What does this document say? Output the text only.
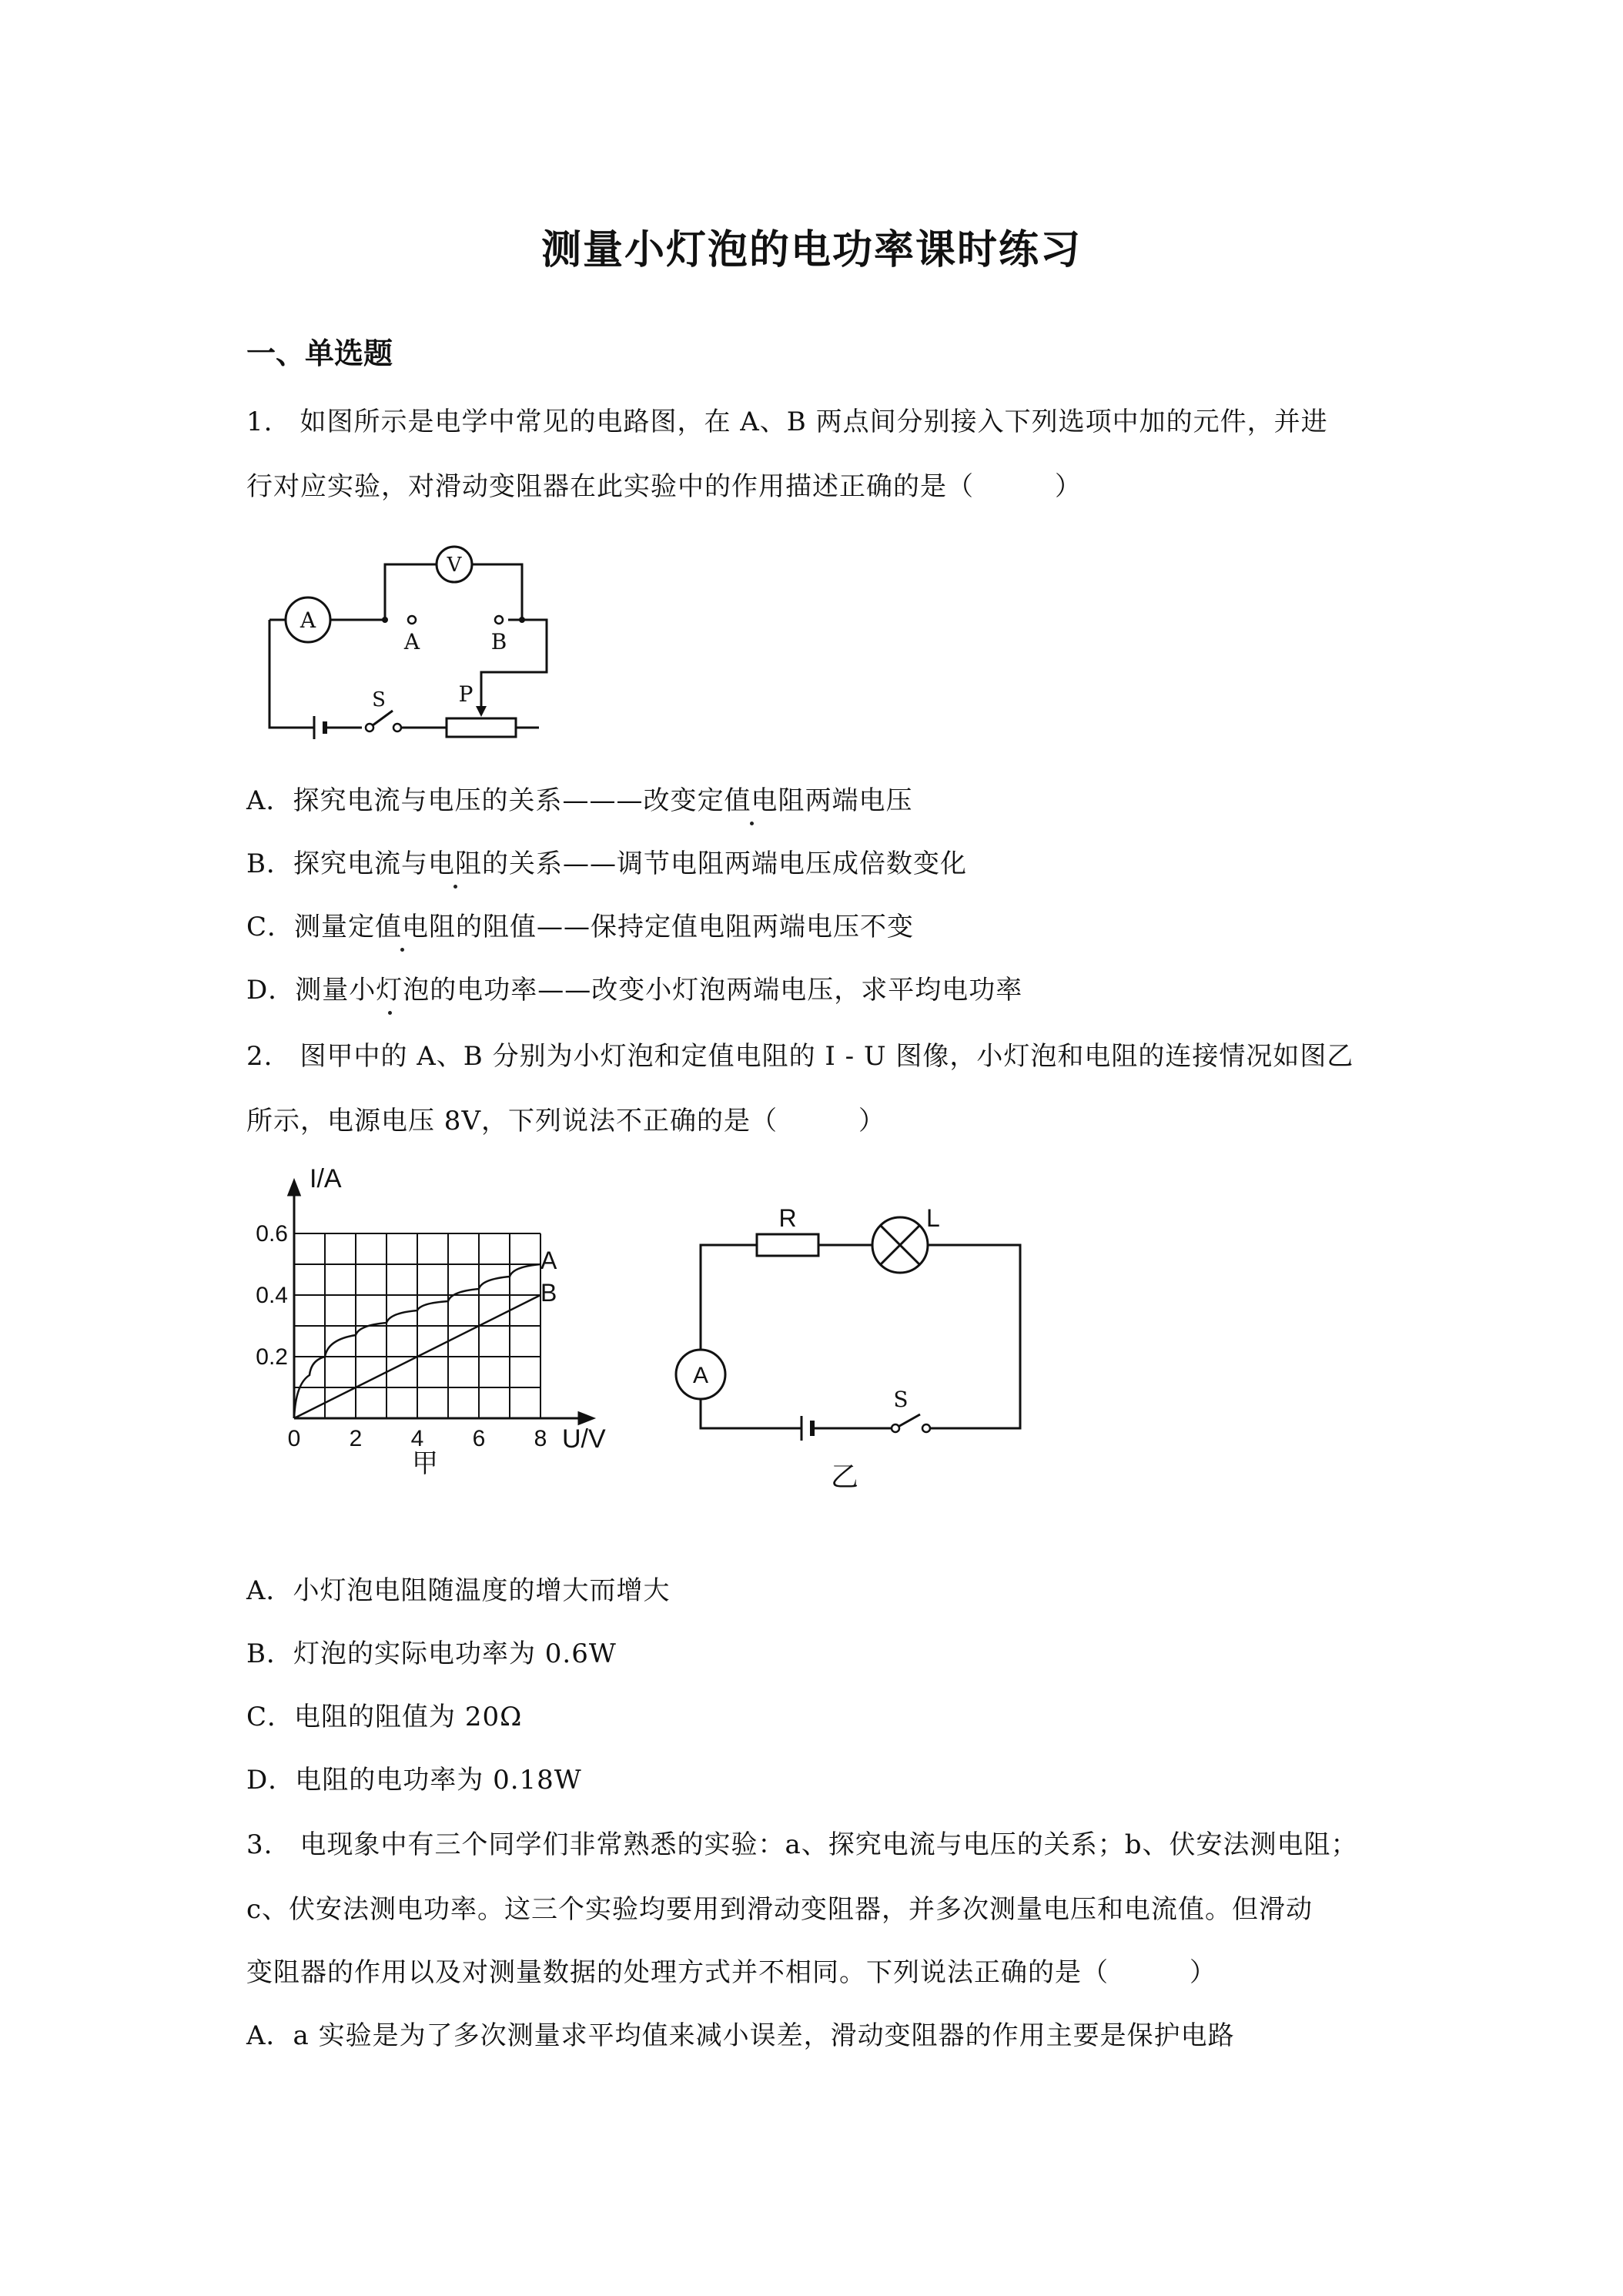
测量小灯泡的电功率课时练习
一、单选题
1.　如图所示是电学中常见的电路图，在 A、B 两点间分别接入下列选项中加的元件，并进
行对应实验，对滑动变阻器在此实验中的作用描述正确的是（　　　）
A
V
A	B
S	P
A．探究电流与电压的关系———改变定值电阻两端电压
B．探究电流与电阻的关系——调节电阻两端电压成倍数变化
C．测量定值电阻的阻值——保持定值电阻两端电压不变
D．测量小灯泡的电功率——改变小灯泡两端电压，求平均电功率
2.　图甲中的 A、B 分别为小灯泡和定值电阻的 I - U 图像，小灯泡和电阻的连接情况如图乙
所示，电源电压 8V，下列说法不正确的是（　　　）
0 2 4 6 8
0.2
0.4
0.6
I/A
U/V
A
B
甲
A
R	L
S
乙
A．小灯泡电阻随温度的增大而增大
B．灯泡的实际电功率为 0.6W
C．电阻的阻值为 20Ω
D．电阻的电功率为 0.18W
3.　电现象中有三个同学们非常熟悉的实验：a、探究电流与电压的关系；b、伏安法测电阻；
c、伏安法测电功率。这三个实验均要用到滑动变阻器，并多次测量电压和电流值。但滑动
变阻器的作用以及对测量数据的处理方式并不相同。下列说法正确的是（　　　）
A．a 实验是为了多次测量求平均值来减小误差，滑动变阻器的作用主要是保护电路
